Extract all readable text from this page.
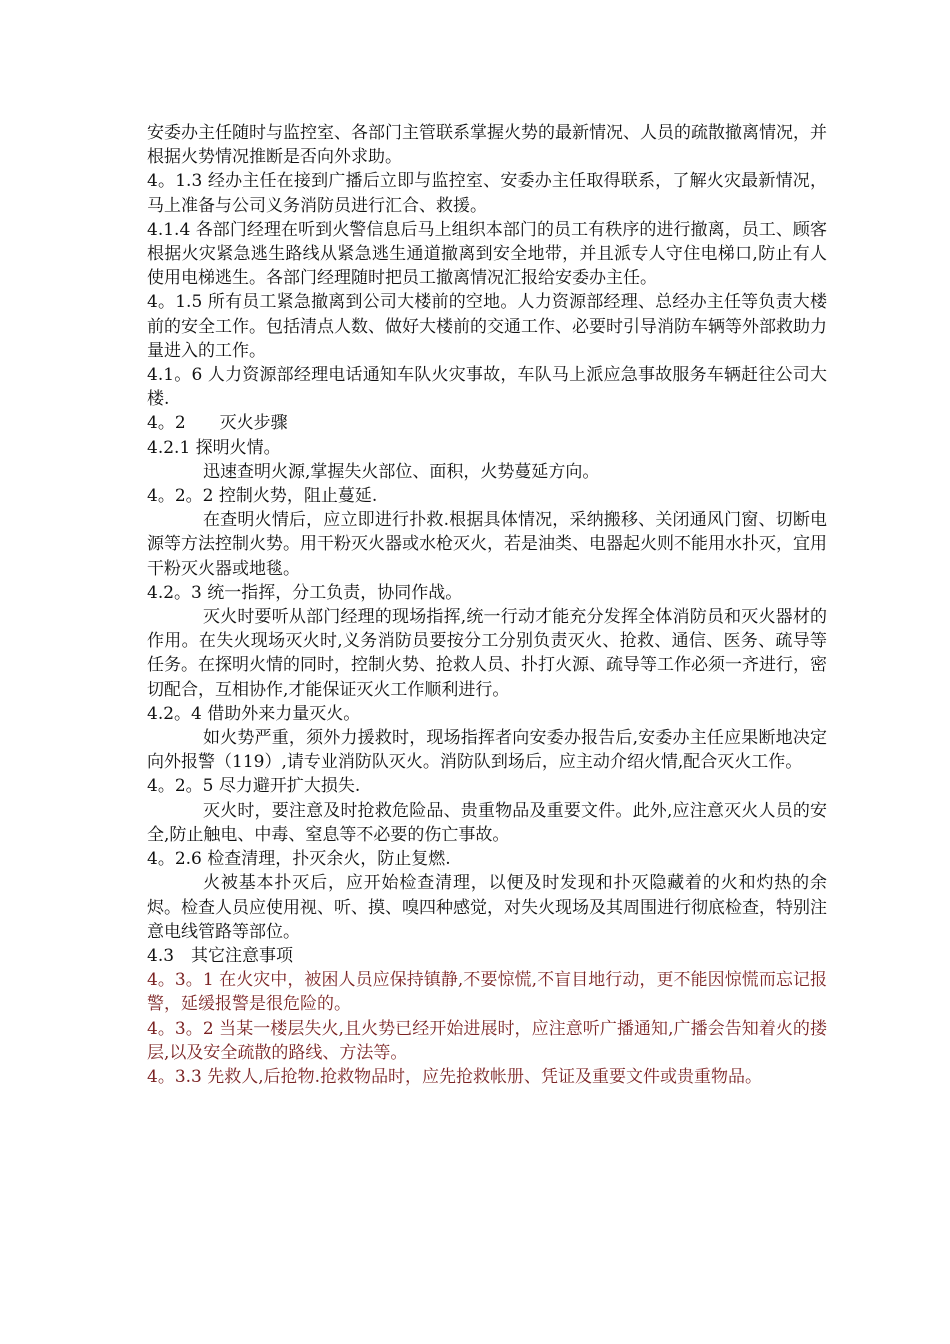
安委办主任随时与监控室、各部门主管联系掌握火势的最新情况、人员的疏散撤离情况，并根据火势情况推断是否向外求助。

4。1.3 经办主任在接到广播后立即与监控室、安委办主任取得联系，了解火灾最新情况，马上准备与公司义务消防员进行汇合、救援。

4.1.4 各部门经理在听到火警信息后马上组织本部门的员工有秩序的进行撤离，员工、顾客根据火灾紧急逃生路线从紧急逃生通道撤离到安全地带，并且派专人守住电梯口,防止有人使用电梯逃生。各部门经理随时把员工撤离情况汇报给安委办主任。

4。1.5 所有员工紧急撤离到公司大楼前的空地。人力资源部经理、总经办主任等负责大楼前的安全工作。包括清点人数、做好大楼前的交通工作、必要时引导消防车辆等外部救助力量进入的工作。

4.1。6 人力资源部经理电话通知车队火灾事故，车队马上派应急事故服务车辆赶往公司大楼.

4。2　　灭火步骤

4.2.1 探明火情。

迅速查明火源,掌握失火部位、面积，火势蔓延方向。

4。2。2 控制火势，阻止蔓延.

在查明火情后，应立即进行扑救.根据具体情况，采纳搬移、关闭通风门窗、切断电源等方法控制火势。用干粉灭火器或水枪灭火，若是油类、电器起火则不能用水扑灭，宜用干粉灭火器或地毯。

4.2。3 统一指挥，分工负责，协同作战。

灭火时要听从部门经理的现场指挥,统一行动才能充分发挥全体消防员和灭火器材的作用。在失火现场灭火时,义务消防员要按分工分别负责灭火、抢救、通信、医务、疏导等任务。在探明火情的同时，控制火势、抢救人员、扑打火源、疏导等工作必须一齐进行，密切配合，互相协作,才能保证灭火工作顺利进行。

4.2。4 借助外来力量灭火。

如火势严重，须外力援救时，现场指挥者向安委办报告后,安委办主任应果断地决定向外报警（119）,请专业消防队灭火。消防队到场后，应主动介绍火情,配合灭火工作。

4。2。5 尽力避开扩大损失.

灭火时，要注意及时抢救危险品、贵重物品及重要文件。此外,应注意灭火人员的安全,防止触电、中毒、窒息等不必要的伤亡事故。

4。2.6 检查清理，扑灭余火，防止复燃.

火被基本扑灭后，应开始检查清理，以便及时发现和扑灭隐藏着的火和灼热的余烬。检查人员应使用视、听、摸、嗅四种感觉，对失火现场及其周围进行彻底检查，特别注意电线管路等部位。

4.3　其它注意事项

4。3。1 在火灾中，被困人员应保持镇静,不要惊慌,不盲目地行动，更不能因惊慌而忘记报警，延缓报警是很危险的。

4。3。2 当某一楼层失火,且火势已经开始进展时，应注意听广播通知,广播会告知着火的搂层,以及安全疏散的路线、方法等。

4。3.3 先救人,后抢物.抢救物品时，应先抢救帐册、凭证及重要文件或贵重物品。
